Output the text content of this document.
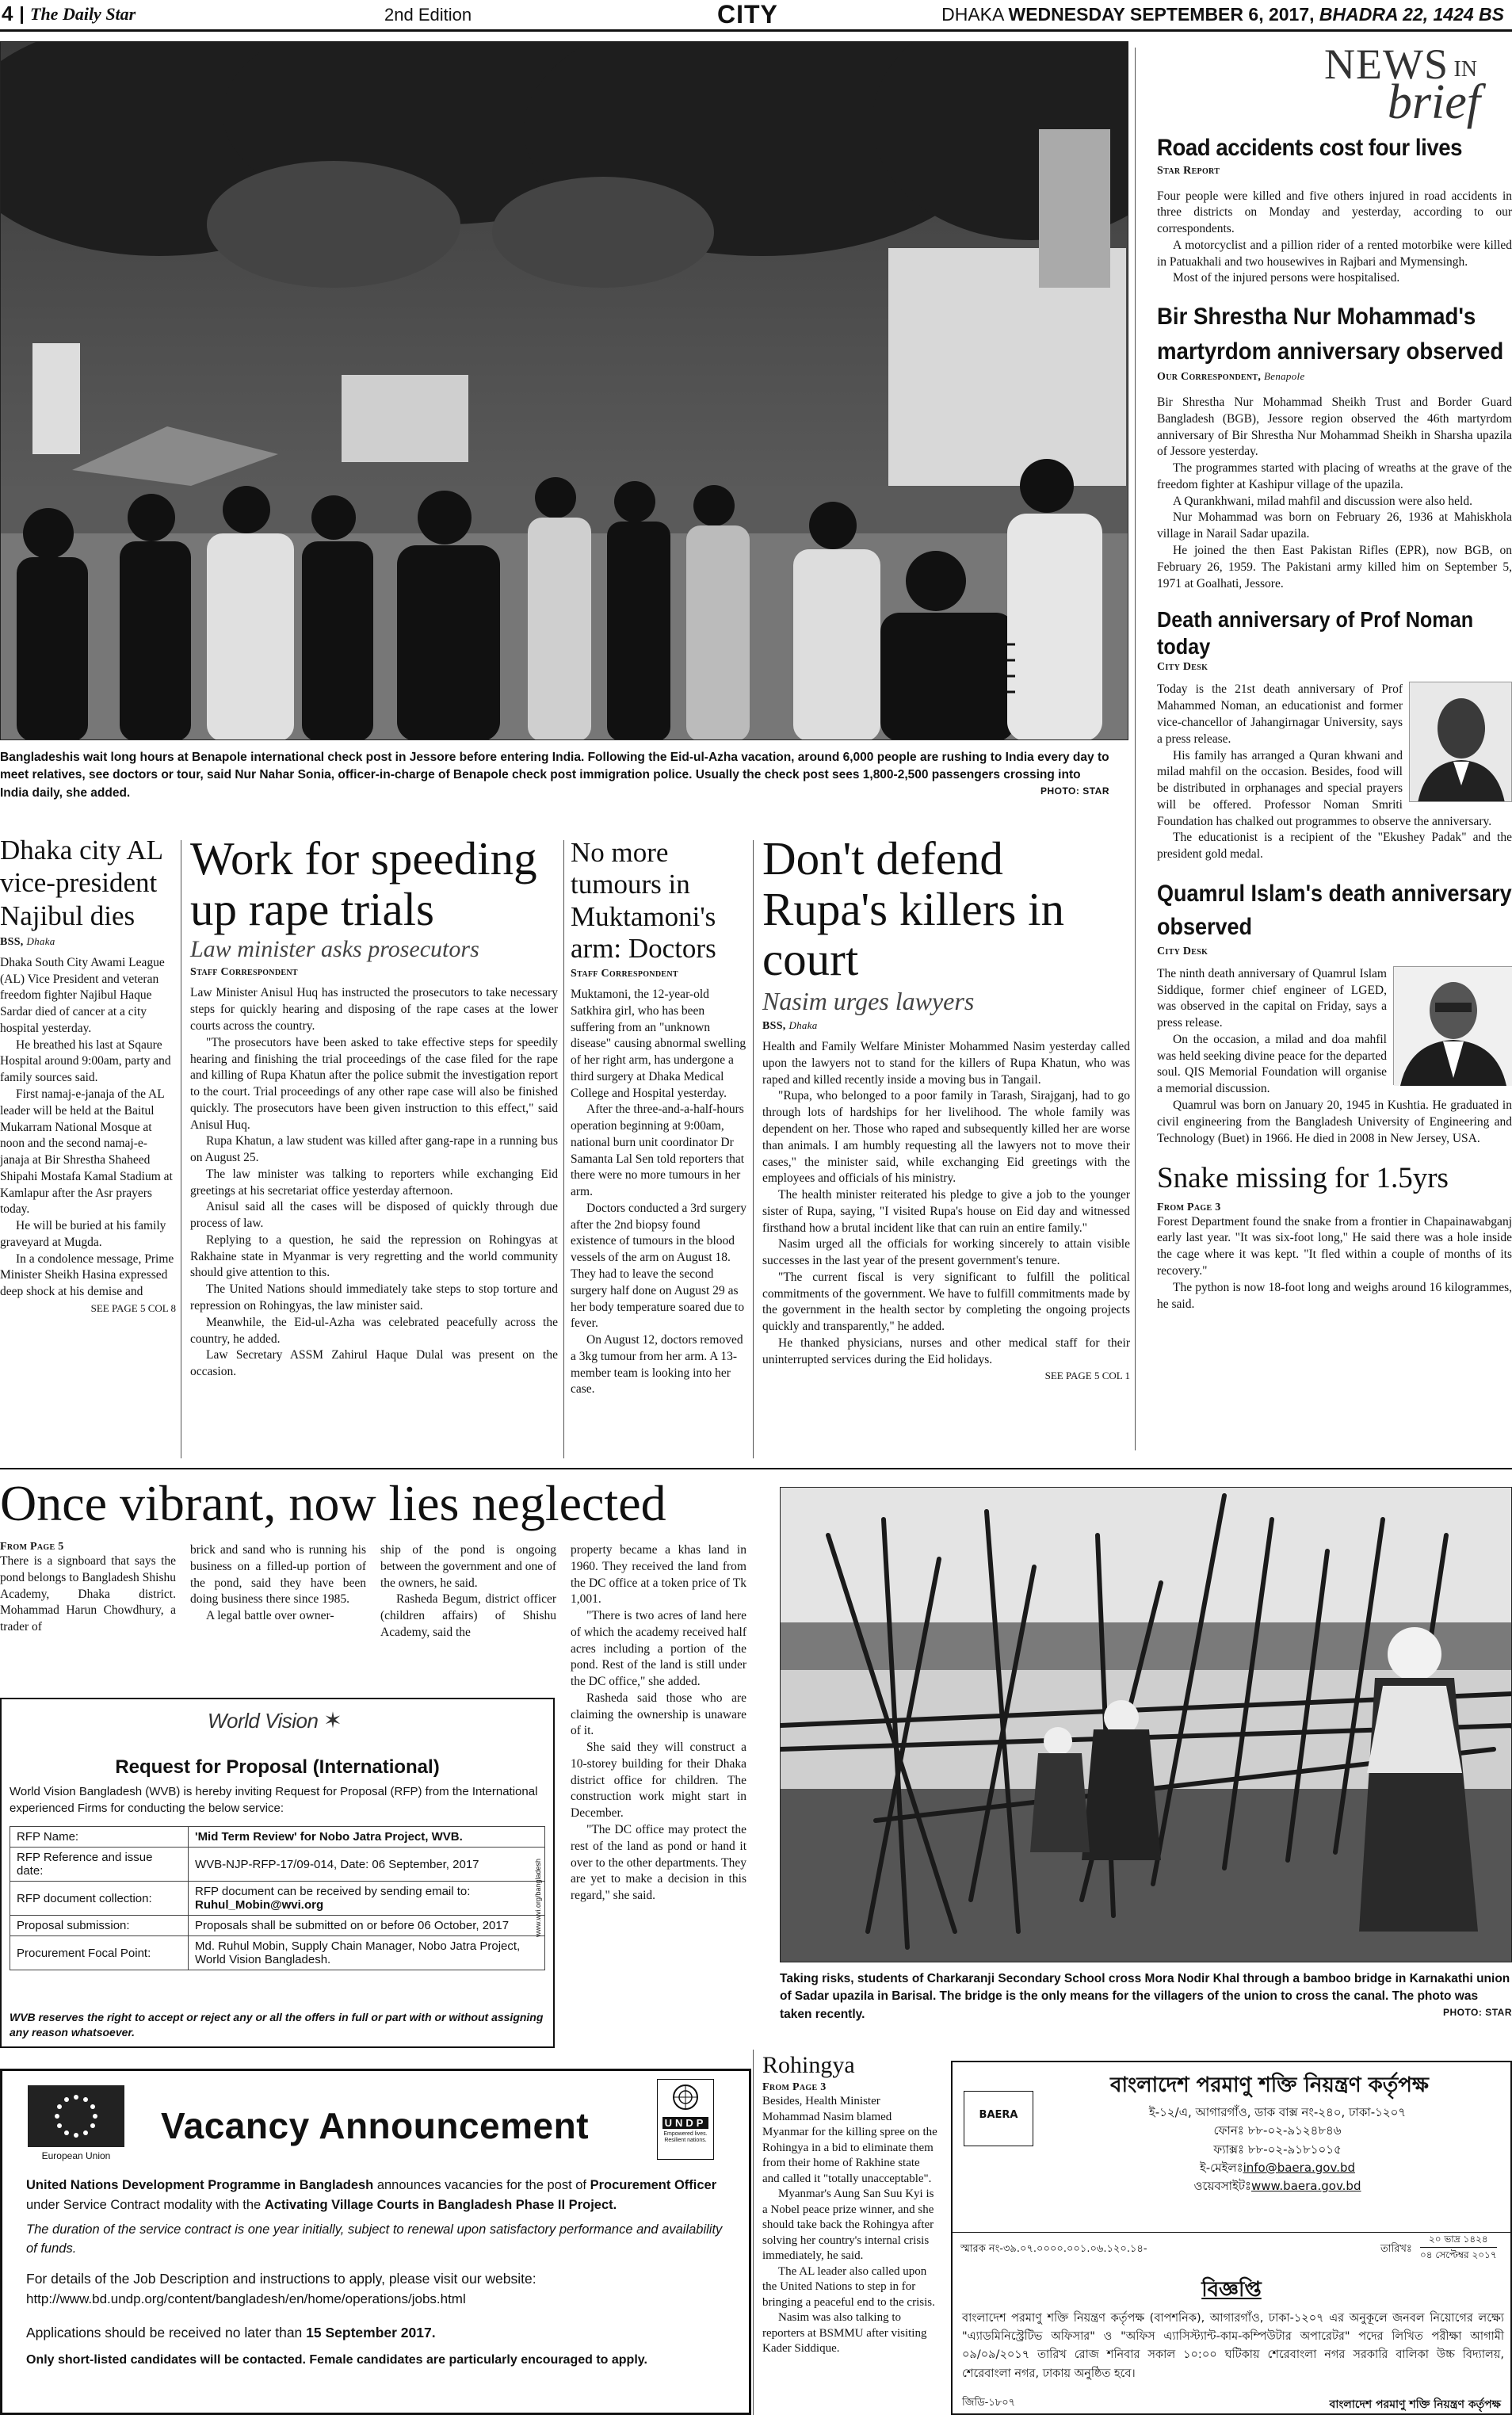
4 The Daily Star	2nd Edition	CITY	DHAKA WEDNESDAY SEPTEMBER 6, 2017, BHADRA 22, 1424 BS
Bangladeshis wait long hours at Benapole international check post in Jessore before entering India. Following the Eid-ul-Azha vacation, around 6,000 people are rushing to India every day to meet relatives, see doctors or tour, said Nur Nahar Sonia, officer-in-charge of Benapole check post immigration police. Usually the check post sees 1,800-2,500 passengers crossing into India daily, she added.	PHOTO: STAR
NEWS IN
brief
Road accidents cost four lives
Star Report

Four people were killed and five others injured in road accidents in three districts on Monday and yesterday, according to our correspondents.

A motorcyclist and a pillion rider of a rented motorbike were killed in Patuakhali and two housewives in Rajbari and Mymensingh.

Most of the injured persons were hospitalised.

Bir Shrestha Nur Mohammad's martyrdom anniversary observed
Our Correspondent, Benapole

Bir Shrestha Nur Mohammad Sheikh Trust and Border Guard Bangladesh (BGB), Jessore region observed the 46th martyrdom anniversary of Bir Shrestha Nur Mohammad Sheikh in Sharsha upazila of Jessore yesterday.

The programmes started with placing of wreaths at the grave of the freedom fighter at Kashipur village of the upazila.

A Qurankhwani, milad mahfil and discussion were also held.

Nur Mohammad was born on February 26, 1936 at Mahiskhola village in Narail Sadar upazila.

He joined the then East Pakistan Rifles (EPR), now BGB, on February 26, 1959. The Pakistani army killed him on September 5, 1971 at Goalhati, Jessore.

Death anniversary of Prof Noman today
City Desk

Today is the 21st death anniversary of Prof Mahammed Noman, an educationist and former vice-chancellor of Jahangirnagar University, says a press release.

His family has arranged a Quran khwani and milad mahfil on the occasion. Besides, food will be distributed in orphanages and special prayers will be offered. Professor Noman Smriti Foundation has chalked out programmes to observe the anniversary.

The educationist is a recipient of the "Ekushey Padak" and the president gold medal.

Quamrul Islam's death anniversary observed
City Desk

The ninth death anniversary of Quamrul Islam Siddique, former chief engineer of LGED, was observed in the capital on Friday, says a press release.

On the occasion, a milad and doa mahfil was held seeking divine peace for the departed soul. QIS Memorial Foundation will organise a memorial discussion.

Quamrul was born on January 20, 1945 in Kushtia. He graduated in civil engineering from the Bangladesh University of Engineering and Technology (Buet) in 1966. He died in 2008 in New Jersey, USA.

Snake missing for 1.5yrs
From Page 3

Forest Department found the snake from a frontier in Chapainawabganj early last year. "It was six-foot long," He said there was a hole inside the cage where it was kept. "It fled within a couple of months of its recovery."

The python is now 18-foot long and weighs around 16 kilogrammes, he said.

Dhaka city AL vice-president Najibul dies
BSS, Dhaka

Dhaka South City Awami League (AL) Vice President and veteran freedom fighter Najibul Haque Sardar died of cancer at a city hospital yesterday.

He breathed his last at Sqaure Hospital around 9:00am, party and family sources said.

First namaj-e-janaja of the AL leader will be held at the Baitul Mukarram National Mosque at noon and the second namaj-e-janaja at Bir Shrestha Shaheed Shipahi Mostafa Kamal Stadium at Kamlapur after the Asr prayers today.

He will be buried at his family graveyard at Mugda.

In a condolence message, Prime Minister Sheikh Hasina expressed deep shock at his demise and

SEE PAGE 5 COL 8
Work for speeding up rape trials
Law minister asks prosecutors
Staff Correspondent

Law Minister Anisul Huq has instructed the prosecutors to take necessary steps for quickly hearing and disposing of the rape cases at the lower courts across the country.

"The prosecutors have been asked to take effective steps for speedily hearing and finishing the trial proceedings of the case filed for the rape and killing of Rupa Khatun after the police submit the investigation report to the court. Trial proceedings of any other rape case will also be finished quickly. The prosecutors have been given instruction to this effect," said Anisul Huq.

Rupa Khatun, a law student was killed after gang-rape in a running bus on August 25.

The law minister was talking to reporters while exchanging Eid greetings at his secretariat office yesterday afternoon.

Anisul said all the cases will be disposed of quickly through due process of law.

Replying to a question, he said the repression on Rohingyas at Rakhaine state in Myanmar is very regretting and the world community should give attention to this.

The United Nations should immediately take steps to stop torture and repression on Rohingyas, the law minister said.

Meanwhile, the Eid-ul-Azha was celebrated peacefully across the country, he added.

Law Secretary ASSM Zahirul Haque Dulal was present on the occasion.

No more tumours in Muktamoni's arm: Doctors
Staff Correspondent

Muktamoni, the 12-year-old Satkhira girl, who has been suffering from an "unknown disease" causing abnormal swelling of her right arm, has undergone a third surgery at Dhaka Medical College and Hospital yesterday.

After the three-and-a-half-hours operation beginning at 9:00am, national burn unit coordinator Dr Samanta Lal Sen told reporters that there were no more tumours in her arm.

Doctors conducted a 3rd surgery after the 2nd biopsy found existence of tumours in the blood vessels of the arm on August 18. They had to leave the second surgery half done on August 29 as her body temperature soared due to fever.

On August 12, doctors removed a 3kg tumour from her arm. A 13-member team is looking into her case.

Don't defend Rupa's killers in court
Nasim urges lawyers
BSS, Dhaka

Health and Family Welfare Minister Mohammed Nasim yesterday called upon the lawyers not to stand for the killers of Rupa Khatun, who was raped and killed recently inside a moving bus in Tangail.

"Rupa, who belonged to a poor family in Tarash, Sirajganj, had to go through lots of hardships for her livelihood. The whole family was dependent on her. Those who raped and subsequently killed her are worse than animals. I am humbly requesting all the lawyers not to move their cases," the minister said, while exchanging Eid greetings with the employees and officials of his ministry.

The health minister reiterated his pledge to give a job to the younger sister of Rupa, saying, "I visited Rupa's house on Eid day and witnessed firsthand how a brutal incident like that can ruin an entire family."

Nasim urged all the officials for working sincerely to attain visible successes in the last year of the present government's tenure.

"The current fiscal is very significant to fulfill the political commitments of the government. We have to fulfill commitments made by the government in the health sector by completing the ongoing projects quickly and transparently," he added.

He thanked physicians, nurses and other medical staff for their uninterrupted services during the Eid holidays.

SEE PAGE 5 COL 1
Once vibrant, now lies neglected
From Page 5

There is a signboard that says the pond belongs to Bangladesh Shishu Academy, Dhaka district. Mohammad Harun Chowdhury, a trader of

brick and sand who is running his business on a filled-up portion of the pond, said they have been doing business there since 1985.

A legal battle over owner-

ship of the pond is ongoing between the government and one of the owners, he said.

Rasheda Begum, district officer (children affairs) of Shishu Academy, said the

property became a khas land in 1960. They received the land from the DC office at a token price of Tk 1,001.

"There is two acres of land here of which the academy received half acres including a portion of the pond. Rest of the land is still under the DC office," she added.

Rasheda said those who are claiming the ownership is unaware of it.

She said they will construct a 10-storey building for their Dhaka district office for children. The construction work might start in December.

"The DC office may protect the rest of the land as pond or hand it over to the other departments. They are yet to make a decision in this regard," she said.

Taking risks, students of Charkaranji Secondary School cross Mora Nodir Khal through a bamboo bridge in Karnakathi union of Sadar upazila in Barisal. The bridge is the only means for the villagers of the union to cross the canal. The photo was taken recently.	PHOTO: STAR
World Vision ✶
Request for Proposal (International)
World Vision Bangladesh (WVB) is hereby inviting Request for Proposal (RFP) from the International experienced Firms for conducting the below service:
RFP Name:	'Mid Term Review' for Nobo Jatra Project, WVB.
RFP Reference and issue date:	WVB-NJP-RFP-17/09-014, Date: 06 September, 2017
RFP document collection:	RFP document can be received by sending email to:
Ruhul_Mobin@wvi.org
Proposal submission:	Proposals shall be submitted on or before 06 October, 2017
Procurement Focal Point:	Md. Ruhul Mobin, Supply Chain Manager, Nobo Jatra Project, World Vision Bangladesh.
WVB reserves the right to accept or reject any or all the offers in full or part with or without assigning any reason whatsoever.
www.wvi.org/bangladesh
European Union
Vacancy Announcement	UNDP
Empowered lives. Resilient nations.

United Nations Development Programme in Bangladesh announces vacancies for the post of Procurement Officer under Service Contract modality with the Activating Village Courts in Bangladesh Phase II Project.

The duration of the service contract is one year initially, subject to renewal upon satisfactory performance and availability of funds.

For details of the Job Description and instructions to apply, please visit our website:

http://www.bd.undp.org/content/bangladesh/en/home/operations/jobs.html

Applications should be received no later than 15 September 2017.

Only short-listed candidates will be contacted. Female candidates are particularly encouraged to apply.

Rohingya
From Page 3

Besides, Health Minister Mohammad Nasim blamed Myanmar for the killing spree on the Rohingya in a bid to eliminate them from their home of Rakhine state and called it "totally unacceptable".

Myanmar's Aung San Suu Kyi is a Nobel peace prize winner, and she should take back the Rohingya after solving her country's internal crisis immediately, he said.

The AL leader also called upon the United Nations to step in for bringing a peaceful end to the crisis.

Nasim was also talking to reporters at BSMMU after visiting Kader Siddique.

BAERA
বাংলাদেশ পরমাণু শক্তি নিয়ন্ত্রণ কর্তৃপক্ষ
ই-১২/এ, আগারগাঁও, ডাক বাক্স নং-২৪০, ঢাকা-১২০৭
ফোনঃ ৮৮-০২-৯১২৪৮৪৬
ফ্যাক্সঃ ৮৮-০২-৯১৮১০১৫
ই-মেইলঃinfo@baera.gov.bd
ওয়েবসাইটঃwww.baera.gov.bd
স্মারক নং-৩৯.০৭.০০০০.০০১.০৬.১২০.১৪-	তারিখঃ
২০ ভাদ্র ১৪২৪
০৪ সেপ্টেম্বর ২০১৭
বিজ্ঞপ্তি
বাংলাদেশ পরমাণু শক্তি নিয়ন্ত্রণ কর্তৃপক্ষ (বাপশনিক), আগারগাঁও, ঢাকা-১২০৭ এর অনুকূলে জনবল নিয়োগের লক্ষ্যে "এ্যাডমিনিস্ট্রেটিভ অফিসার" ও "অফিস এ্যাসিস্ট্যান্ট-কাম-কম্পিউটার অপারেটর" পদের লিখিত পরীক্ষা আগামী ০৯/০৯/২০১৭ তারিখ রোজ শনিবার সকাল ১০:০০ ঘটিকায় শেরেবাংলা নগর সরকারি বালিকা উচ্চ বিদ্যালয়, শেরেবাংলা নগর, ঢাকায় অনুষ্ঠিত হবে।
জিডি-১৮০৭	বাংলাদেশ পরমাণু শক্তি নিয়ন্ত্রণ কর্তৃপক্ষ
